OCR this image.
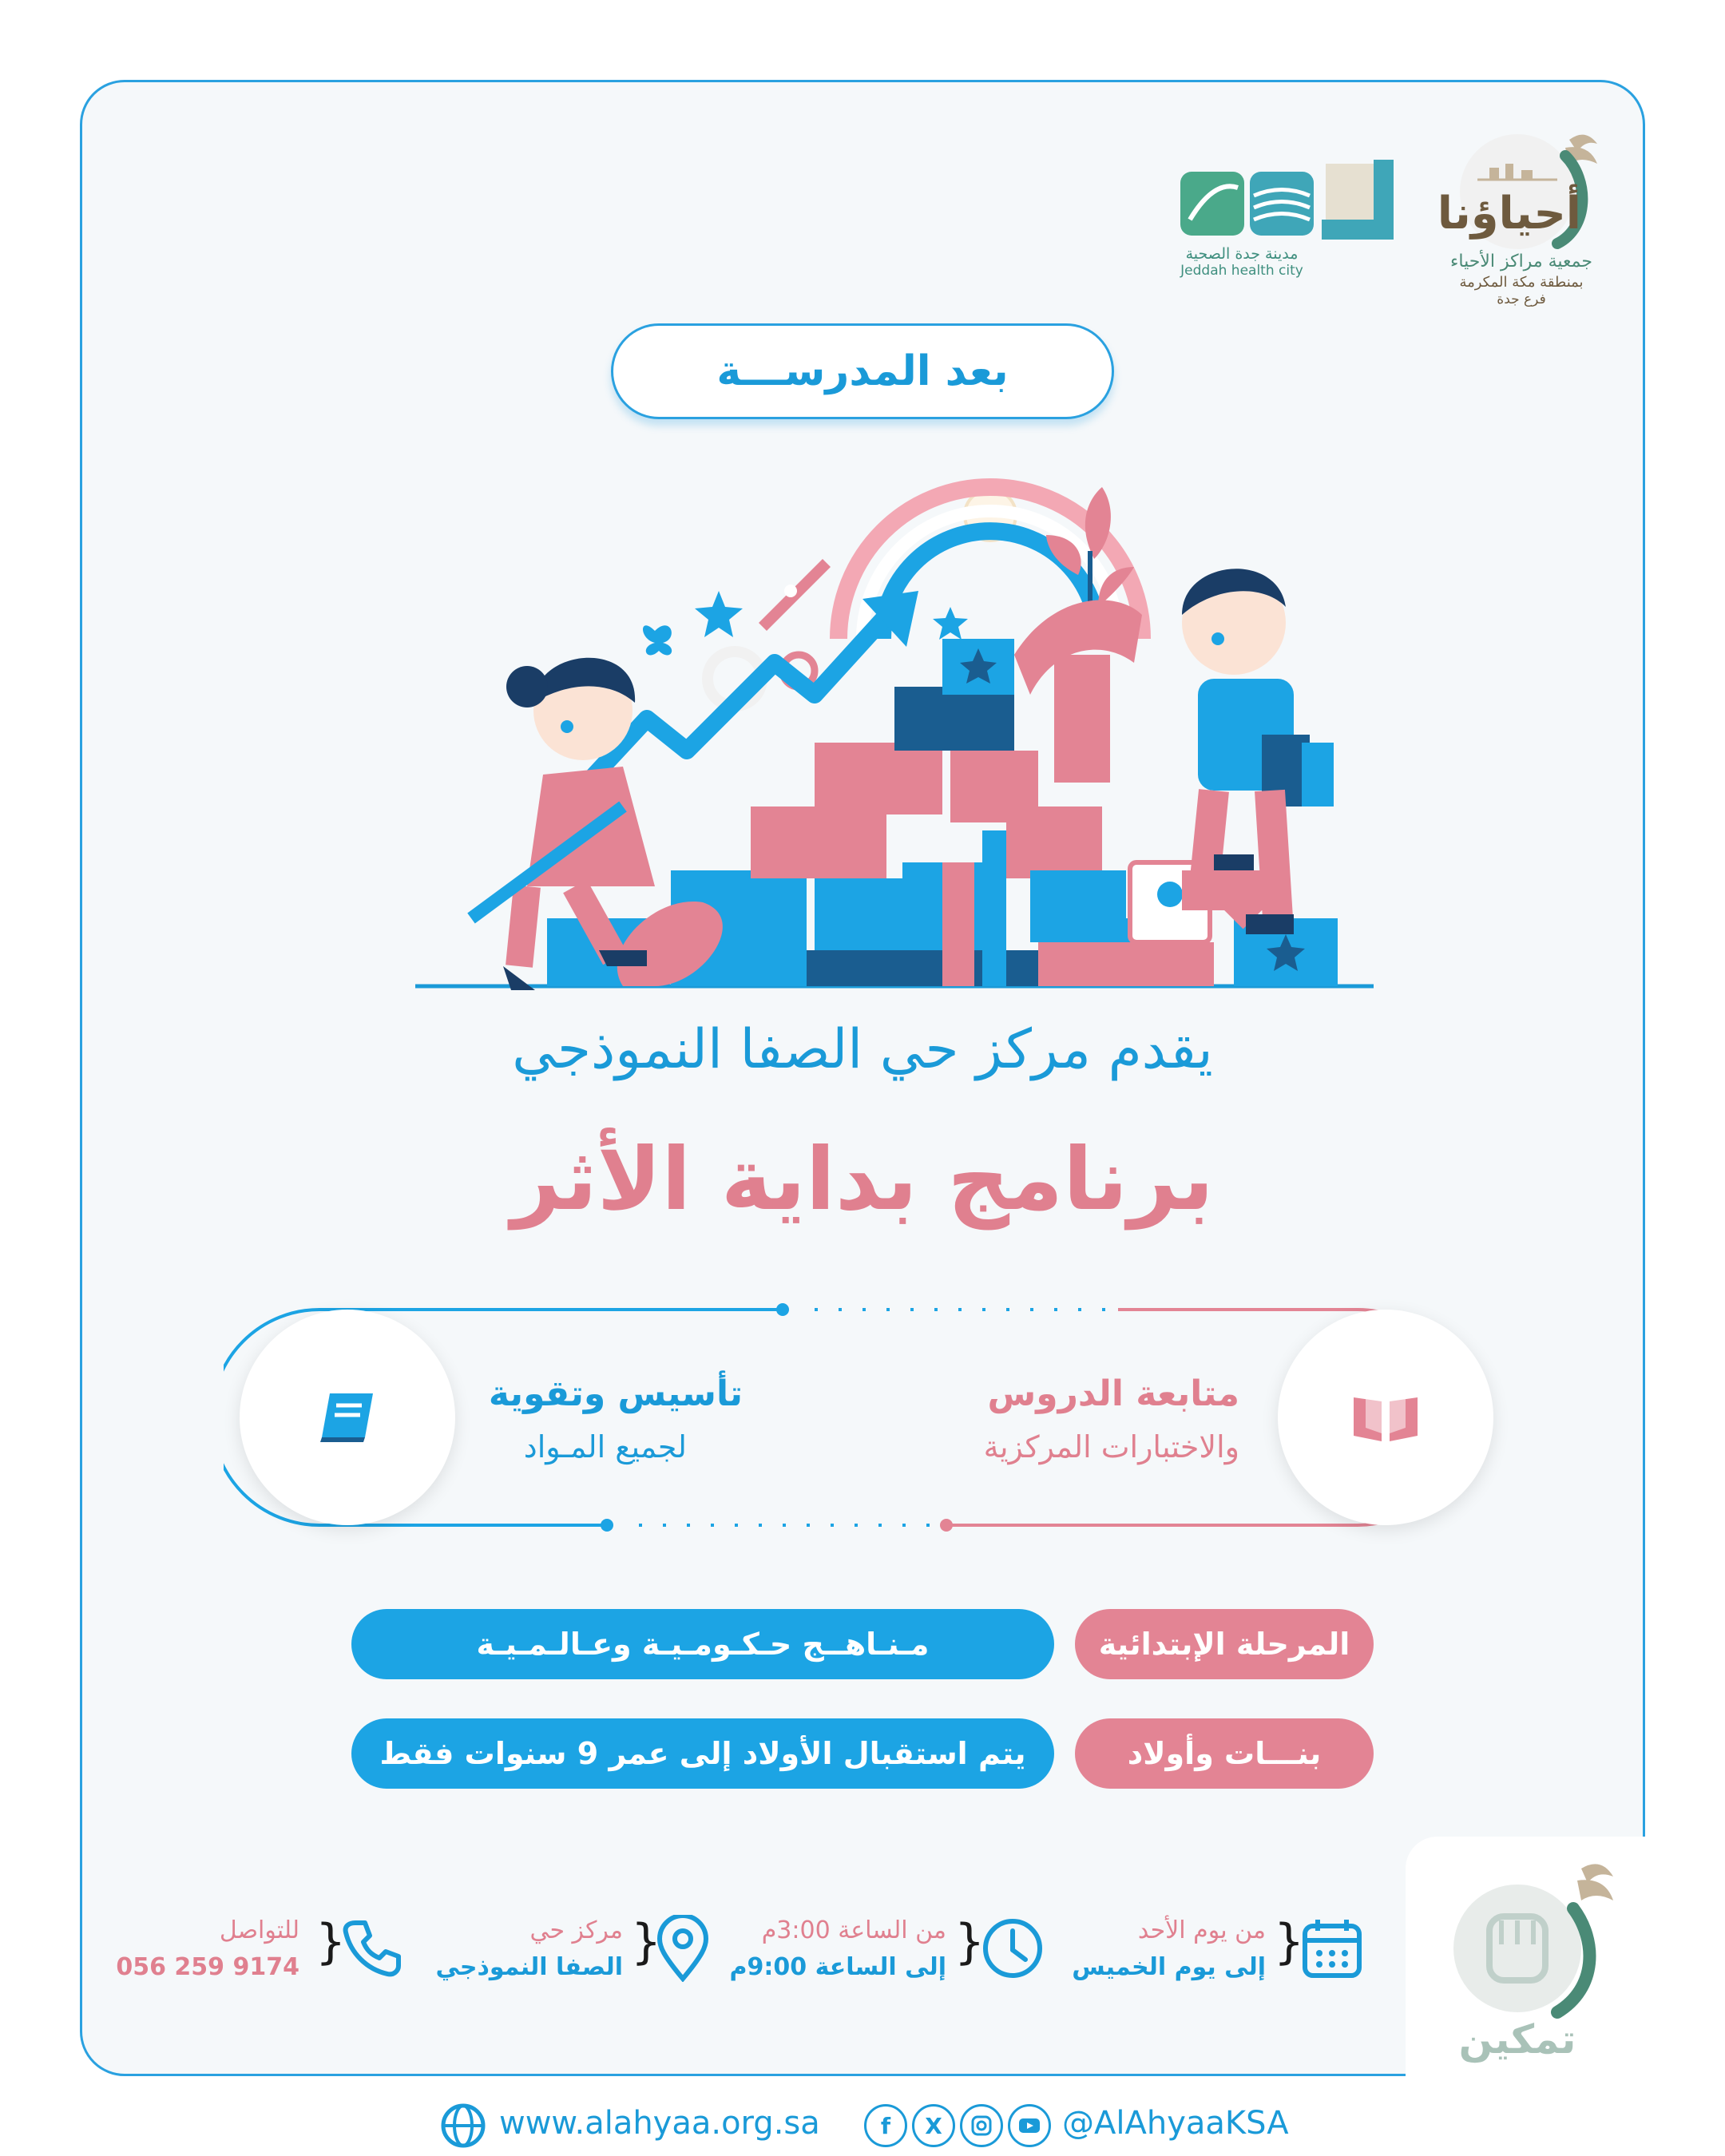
مدينة جدة الصحية
Jeddah health city
أحياؤنا
جمعية مراكز الأحياء
بمنطقة مكة المكرمة
فرع جدة
بعد المدرســـة
يقدم مركز حي الصفا النموذجي
برنامج بداية الأثر
متابعة الدروس
والاختبارات المركزية
تأسيس وتقوية
لجميع المـواد
المرحلة الإبتدائية
مـنـاهــج حـكـومـيـة وعـالـمـيـة
بنـــات وأولاد
يتم استقبال الأولاد إلى عمر 9 سنوات فقط
تمكين
{
من يوم الأحد
إلى يوم الخميس
{
من الساعة 3:00م
إلى الساعة 9:00م
{
مركز حي
الصفا النموذجي
{
للتواصل
056 259 9174
www.alahyaa.org.sa	f	X	@AlAhyaaKSA
